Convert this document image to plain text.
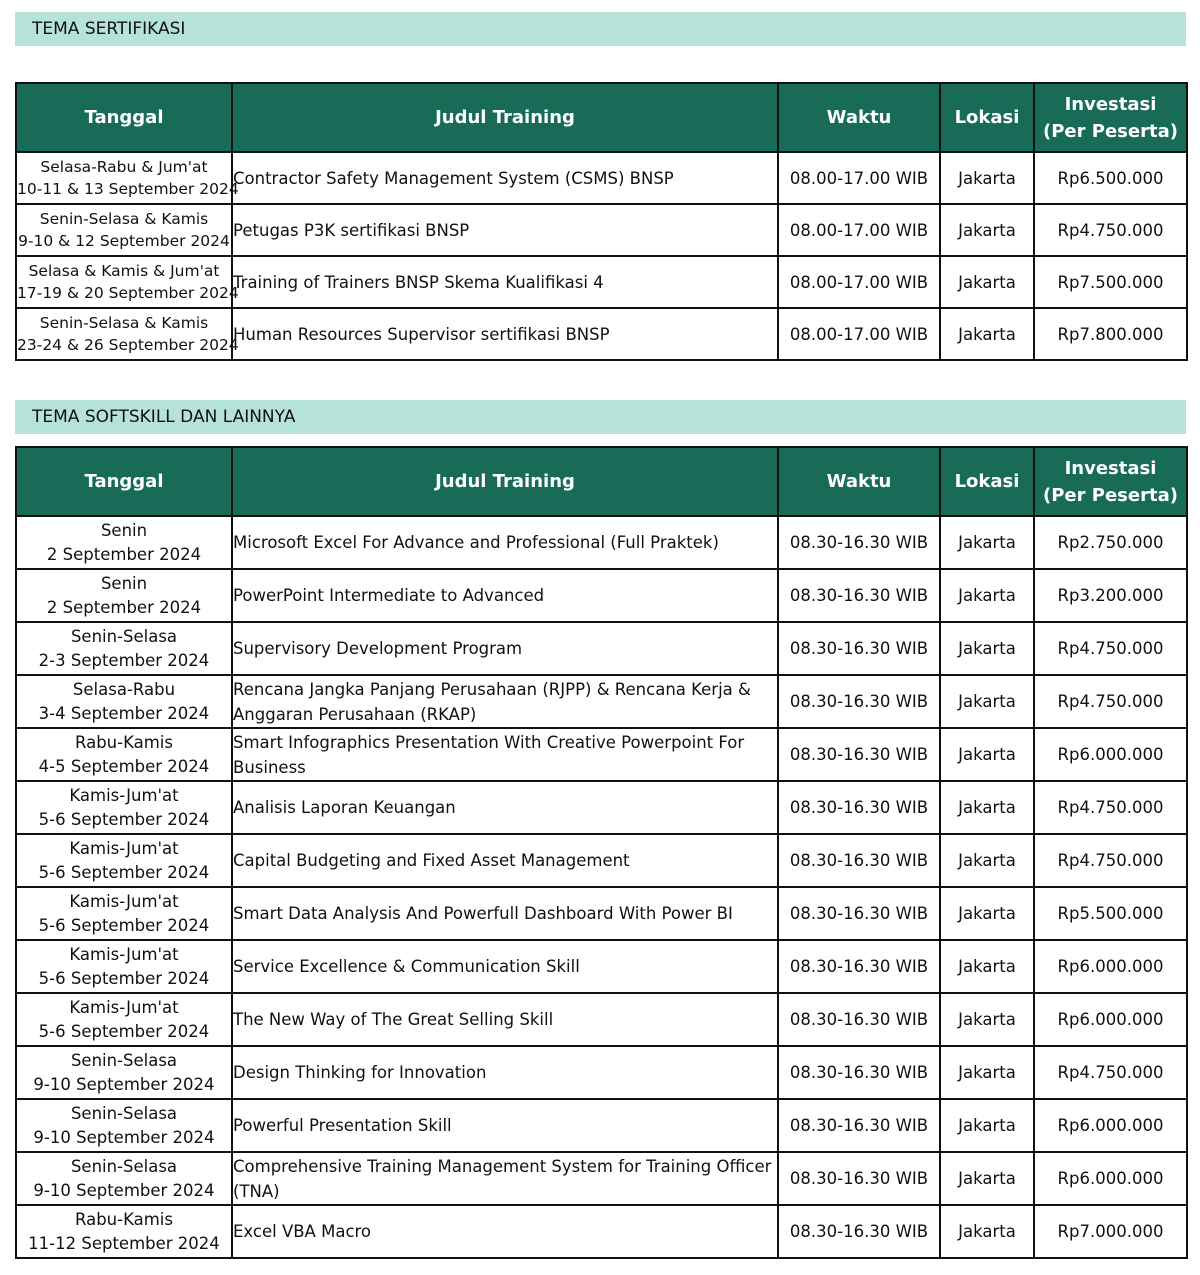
TEMA SERTIFIKASI
Tanggal	Judul Training	Waktu	Lokasi	Investasi
(Per Peserta)

Selasa-Rabu & Jum'at
10-11 & 13 September 2024	Contractor Safety Management System (CSMS) BNSP	08.00-17.00 WIB	Jakarta	Rp6.500.000

Senin-Selasa & Kamis
9-10 & 12 September 2024	Petugas P3K sertifikasi BNSP	08.00-17.00 WIB	Jakarta	Rp4.750.000

Selasa & Kamis & Jum'at
17-19 & 20 September 2024	Training of Trainers BNSP Skema Kualifikasi 4	08.00-17.00 WIB	Jakarta	Rp7.500.000

Senin-Selasa & Kamis
23-24 & 26 September 2024	Human Resources Supervisor sertifikasi BNSP	08.00-17.00 WIB	Jakarta	Rp7.800.000
TEMA SOFTSKILL DAN LAINNYA
Tanggal	Judul Training	Waktu	Lokasi	Investasi
(Per Peserta)

Senin
2 September 2024	Microsoft Excel For Advance and Professional (Full Praktek)	08.30-16.30 WIB	Jakarta	Rp2.750.000

Senin
2 September 2024	PowerPoint Intermediate to Advanced	08.30-16.30 WIB	Jakarta	Rp3.200.000

Senin-Selasa
2-3 September 2024	Supervisory Development Program	08.30-16.30 WIB	Jakarta	Rp4.750.000

Selasa-Rabu
3-4 September 2024	Rencana Jangka Panjang Perusahaan (RJPP) & Rencana Kerja & Anggaran Perusahaan (RKAP)	08.30-16.30 WIB	Jakarta	Rp4.750.000

Rabu-Kamis
4-5 September 2024	Smart Infographics Presentation With Creative Powerpoint For Business	08.30-16.30 WIB	Jakarta	Rp6.000.000

Kamis-Jum'at
5-6 September 2024	Analisis Laporan Keuangan	08.30-16.30 WIB	Jakarta	Rp4.750.000

Kamis-Jum'at
5-6 September 2024	Capital Budgeting and Fixed Asset Management	08.30-16.30 WIB	Jakarta	Rp4.750.000

Kamis-Jum'at
5-6 September 2024	Smart Data Analysis And Powerfull Dashboard With Power BI	08.30-16.30 WIB	Jakarta	Rp5.500.000

Kamis-Jum'at
5-6 September 2024	Service Excellence & Communication Skill	08.30-16.30 WIB	Jakarta	Rp6.000.000

Kamis-Jum'at
5-6 September 2024	The New Way of The Great Selling Skill	08.30-16.30 WIB	Jakarta	Rp6.000.000

Senin-Selasa
9-10 September 2024	Design Thinking for Innovation	08.30-16.30 WIB	Jakarta	Rp4.750.000

Senin-Selasa
9-10 September 2024	Powerful Presentation Skill	08.30-16.30 WIB	Jakarta	Rp6.000.000

Senin-Selasa
9-10 September 2024	Comprehensive Training Management System for Training Officer (TNA)	08.30-16.30 WIB	Jakarta	Rp6.000.000

Rabu-Kamis
11-12 September 2024	Excel VBA Macro	08.30-16.30 WIB	Jakarta	Rp7.000.000
